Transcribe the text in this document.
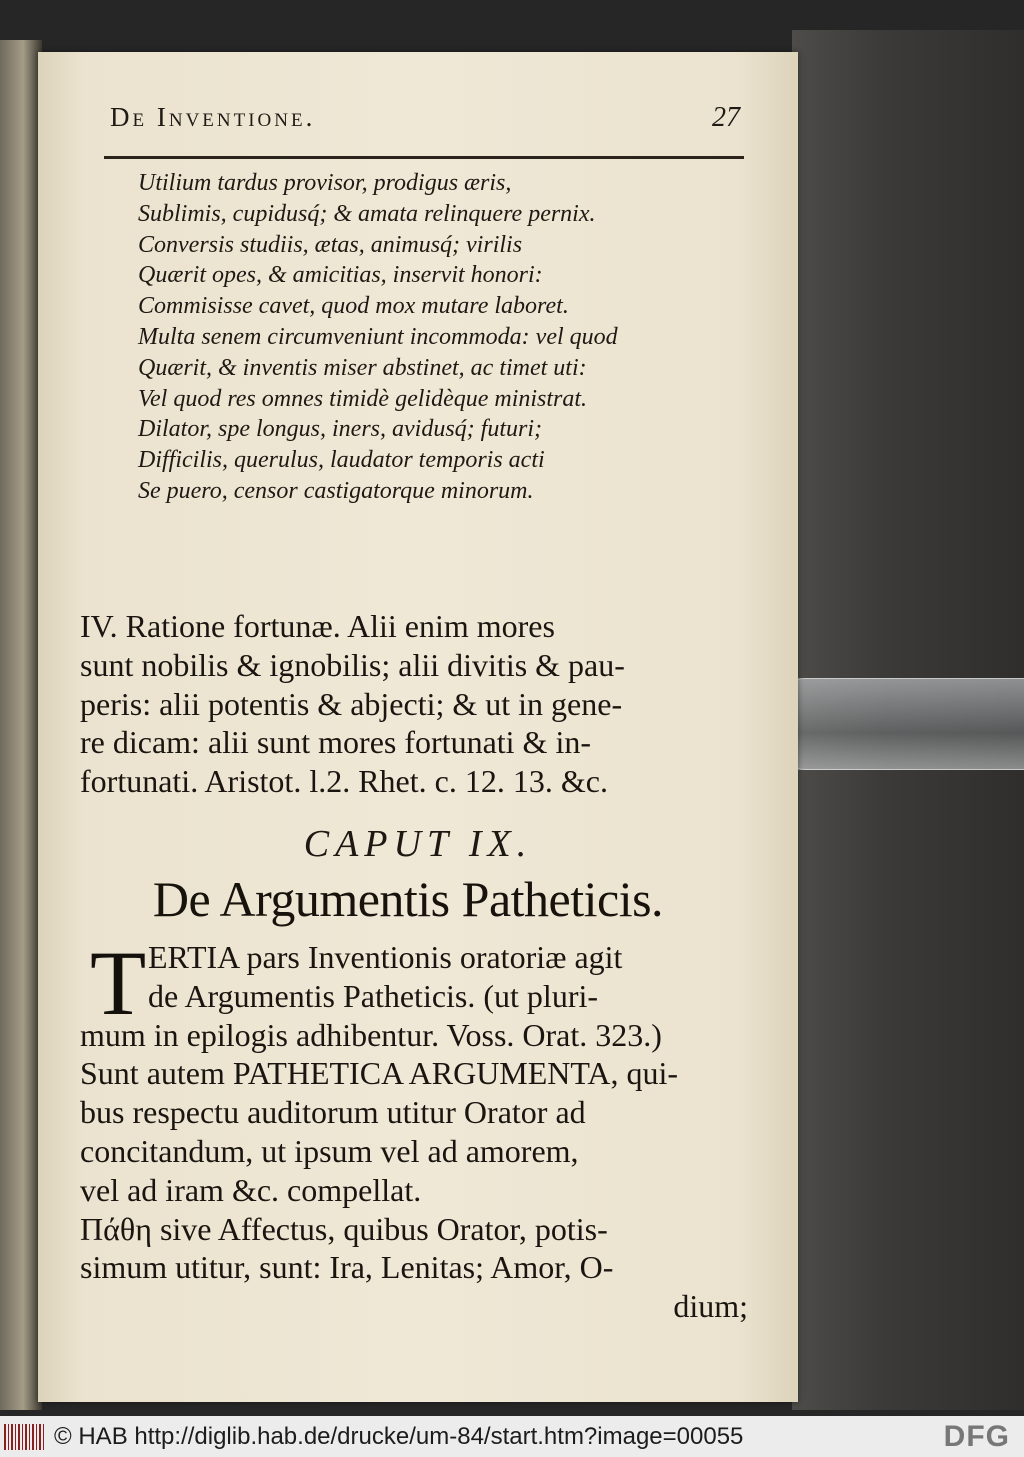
De Inventione.	27
Utilium tardus provisor, prodigus æris,
Sublimis, cupidusq́; & amata relinquere pernix.
Conversis studiis, ætas, animusq́; virilis
Quærit opes, & amicitias, inservit honori:
Commisisse cavet, quod mox mutare laboret.
Multa senem circumveniunt incommoda: vel quod
Quærit, & inventis miser abstinet, ac timet uti:
Vel quod res omnes timidè gelidèque ministrat.
Dilator, spe longus, iners, avidusq́; futuri;
Difficilis, querulus, laudator temporis acti
Se puero, censor castigatorque minorum.
IV. Ratione fortunæ. Alii enim mores
sunt nobilis & ignobilis; alii divitis & pau-
peris: alii potentis & abjecti; & ut in gene-
re dicam: alii sunt mores fortunati & in-
fortunati. Aristot. l.2. Rhet. c. 12. 13. &c.
CAPUT IX.
De Argumentis Patheticis.
T ERTIA pars Inventionis oratoriæ agit
de Argumentis Patheticis. (ut pluri-
mum in epilogis adhibentur. Voss. Orat. 323.)
Sunt autem PATHETICA ARGUMENTA, qui-
bus respectu auditorum utitur Orator ad
concitandum, ut ipsum vel ad amorem,
vel ad iram &c. compellat.
Πάθη sive Affectus, quibus Orator, potis-
simum utitur, sunt: Ira, Lenitas; Amor, O-
dium;
© HAB http://diglib.hab.de/drucke/um-84/start.htm?image=00055	DFG
